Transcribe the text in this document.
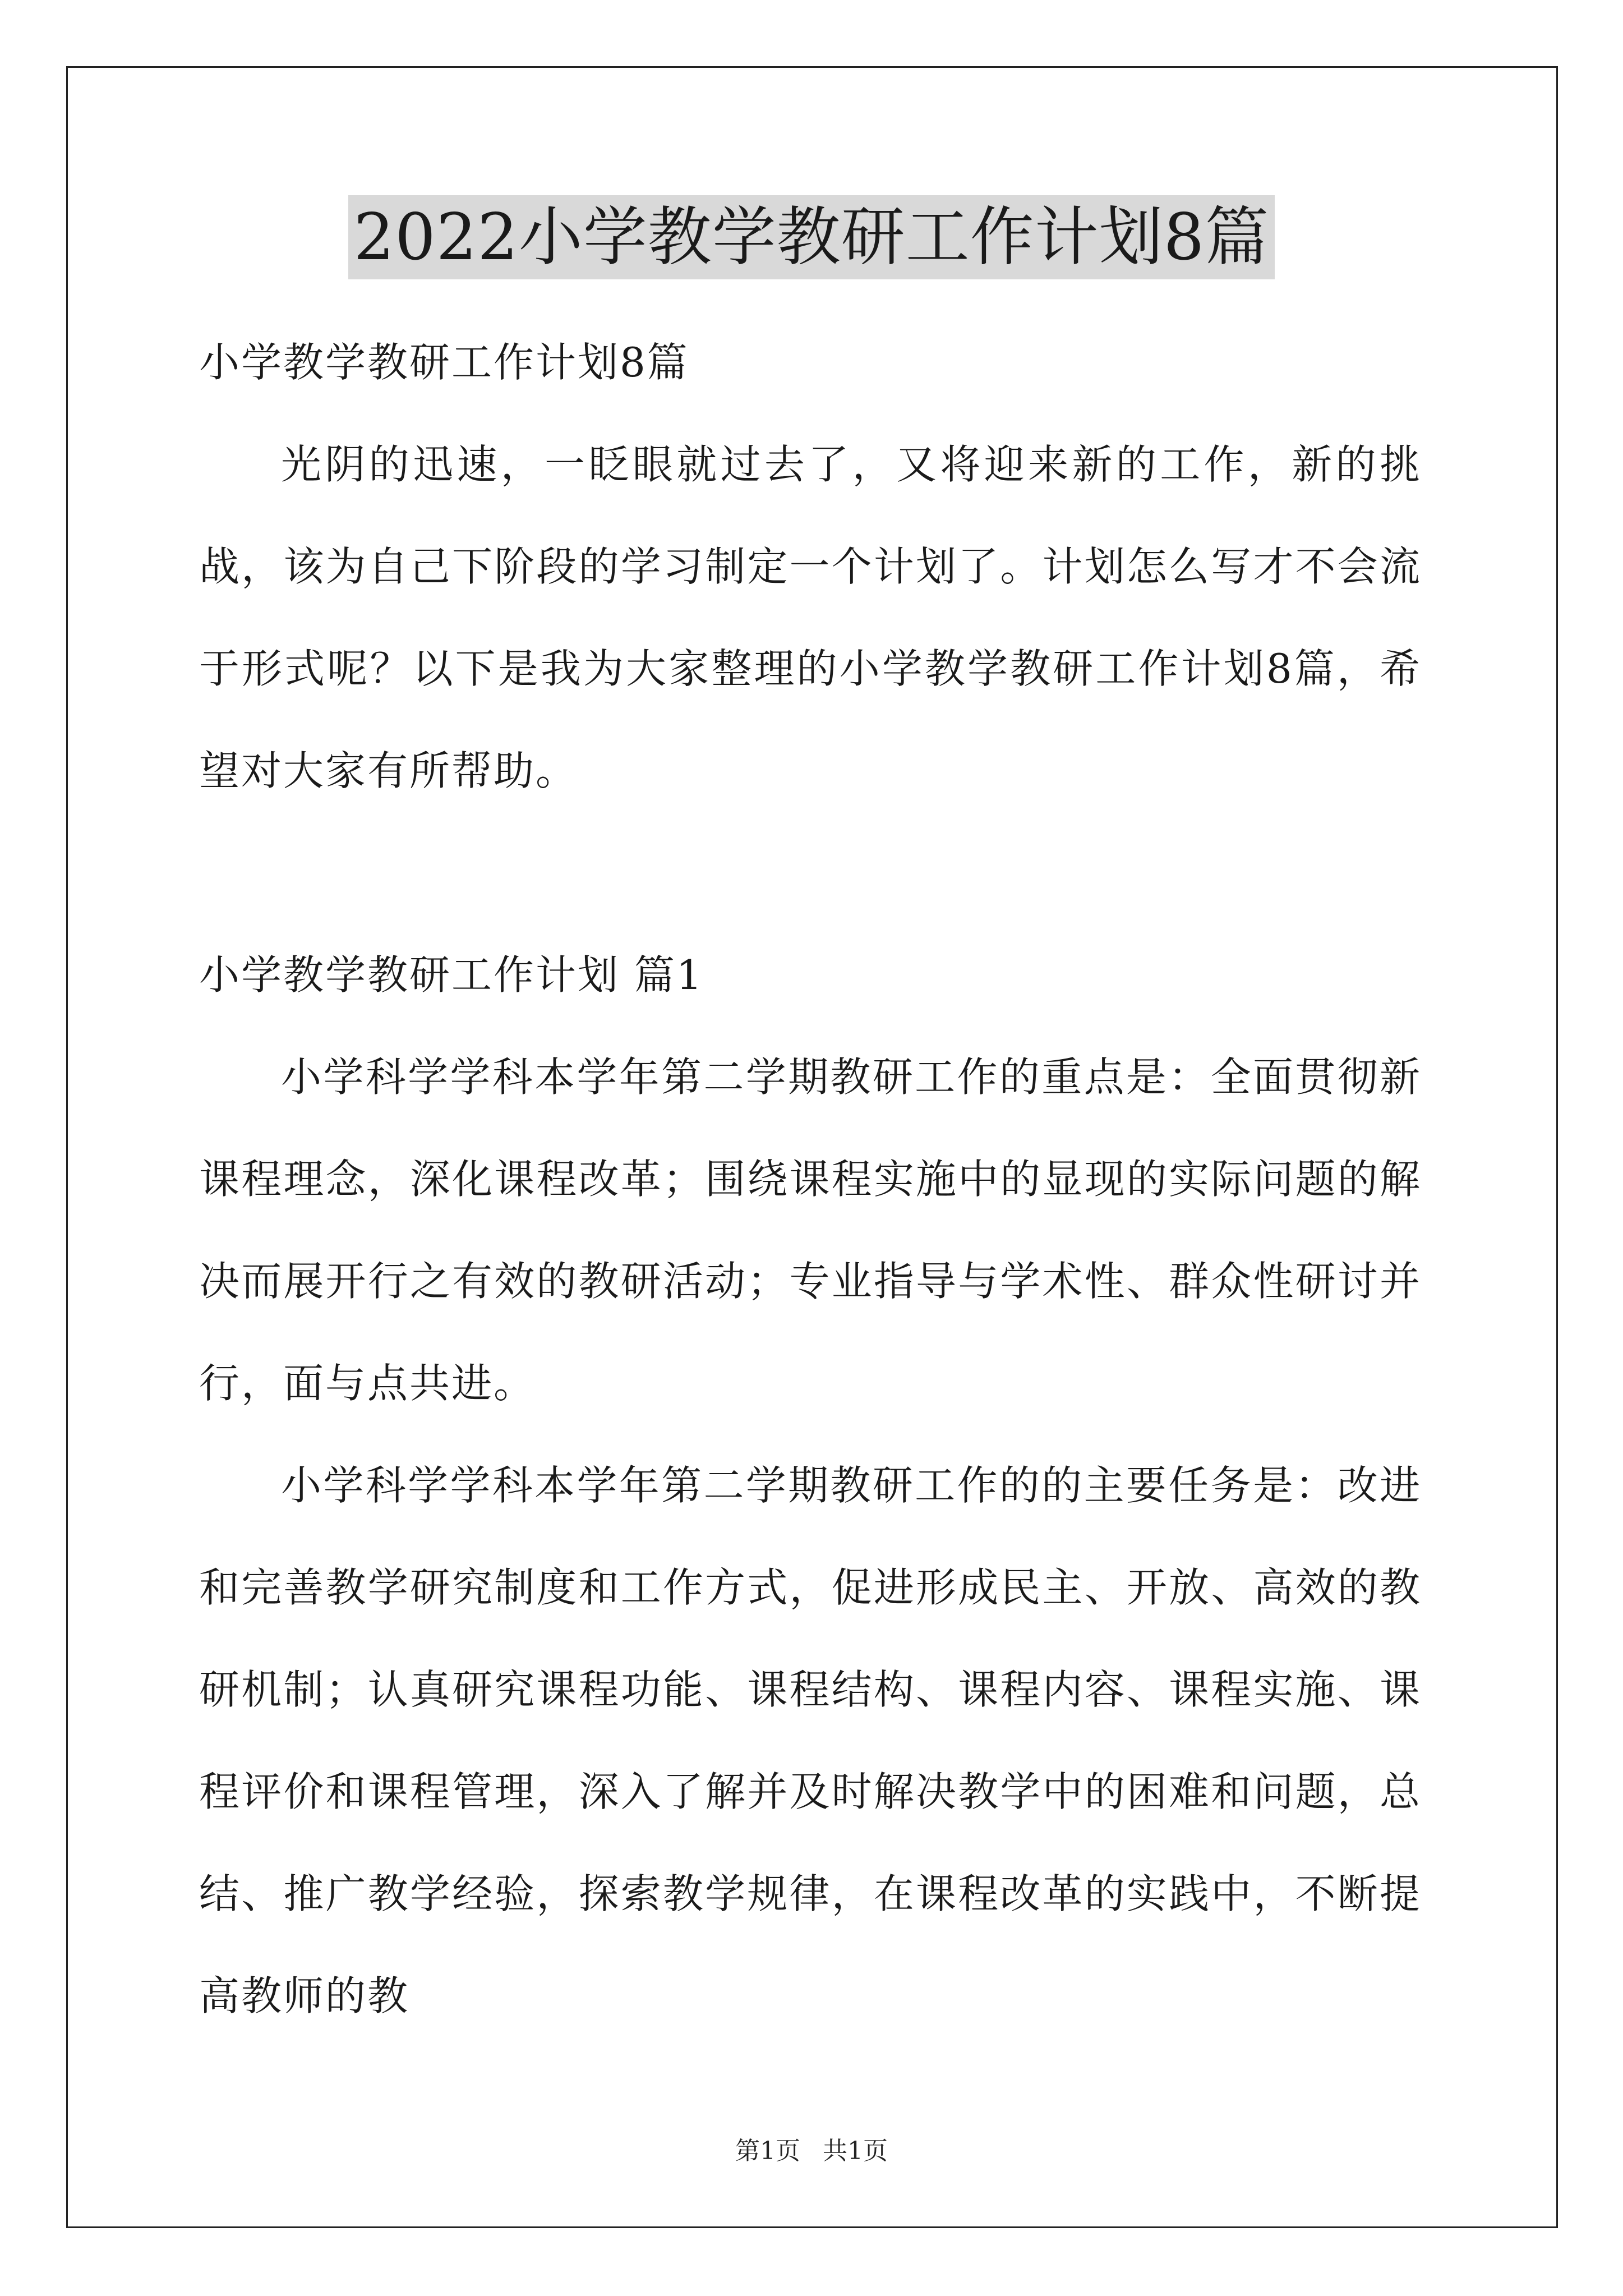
2022小学教学教研工作计划8篇

小学教学教研工作计划8篇

光阴的迅速，一眨眼就过去了，又将迎来新的工作，新的挑战，该为自己下阶段的学习制定一个计划了。计划怎么写才不会流于形式呢？以下是我为大家整理的小学教学教研工作计划8篇，希望对大家有所帮助。

小学教学教研工作计划 篇1

小学科学学科本学年第二学期教研工作的重点是：全面贯彻新课程理念，深化课程改革；围绕课程实施中的显现的实际问题的解决而展开行之有效的教研活动；专业指导与学术性、群众性研讨并行，面与点共进。

小学科学学科本学年第二学期教研工作的的主要任务是：改进和完善教学研究制度和工作方式，促进形成民主、开放、高效的教研机制；认真研究课程功能、课程结构、课程内容、课程实施、课程评价和课程管理，深入了解并及时解决教学中的困难和问题，总结、推广教学经验，探索教学规律，在课程改革的实践中，不断提高教师的教

第1页 共1页
